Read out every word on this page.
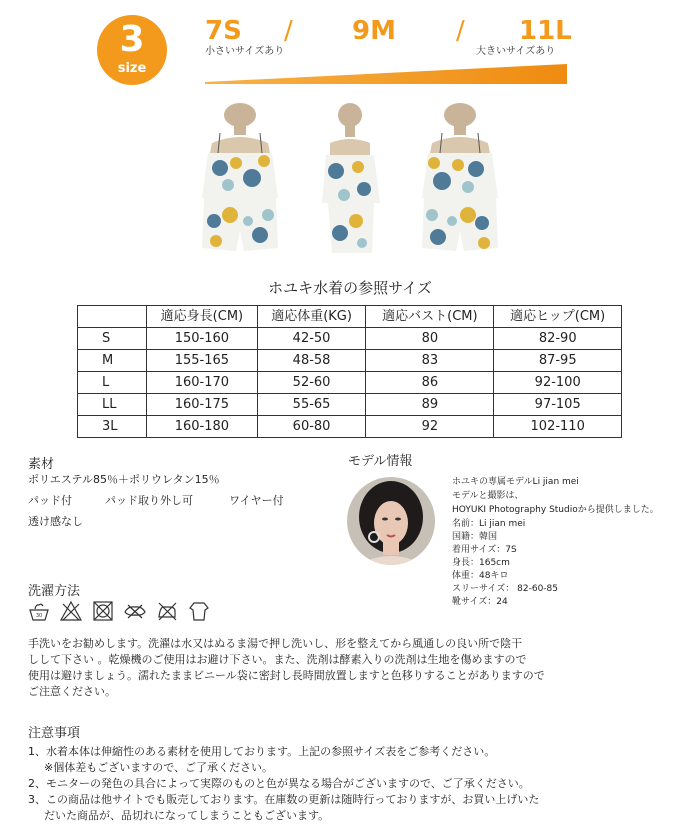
3
size
7S
小さいサイズあり
/ 9M / 11L
大きいサイズあり
ホユキ水着の参照サイズ
	適応身長(CM)	適応体重(KG)	適応バスト(CM)	適応ヒップ(CM)
S	150-160	42-50	80	82-90
M	155-165	48-58	83	87-95
L	160-170	52-60	86	92-100
LL	160-175	55-65	89	97-105
3L	160-180	60-80	92	102-110
素材
ポリエステル85％＋ポリウレタン15％
パッド付	パッド取り外し可	ワイヤー付
透け感なし
モデル情報
ホユキの専属モデルLi jian mei
モデルと撮影は、
HOYUKI Photography Studioから提供しました。
名前：Li jian mei
国籍：韓国
着用サイズ：7S
身長：165cm
体重：48キロ
スリーサイズ： 82-60-85
靴サイズ：24
洗濯方法
30
手洗いをお勧めします。洗濯は水又はぬるま湯で押し洗いし、形を整えてから風通しの良い所で陰干
しして下さい 。乾燥機のご使用はお避け下さい。また、洗剤は酵素入りの洗剤は生地を傷めますので
使用は避けましょう。濡れたままビニール袋に密封し長時間放置しますと色移りすることがありますので
ご注意ください。
注意事項
1、水着本体は伸縮性のある素材を使用しております。上記の参照サイズ表をご参考ください。
※個体差もございますので、ご了承ください。
2、モニターの発色の具合によって実際のものと色が異なる場合がございますので、ご了承ください。
3、この商品は他サイトでも販売しております。在庫数の更新は随時行っておりますが、お買い上げいた
だいた商品が、品切れになってしまうこともございます。
